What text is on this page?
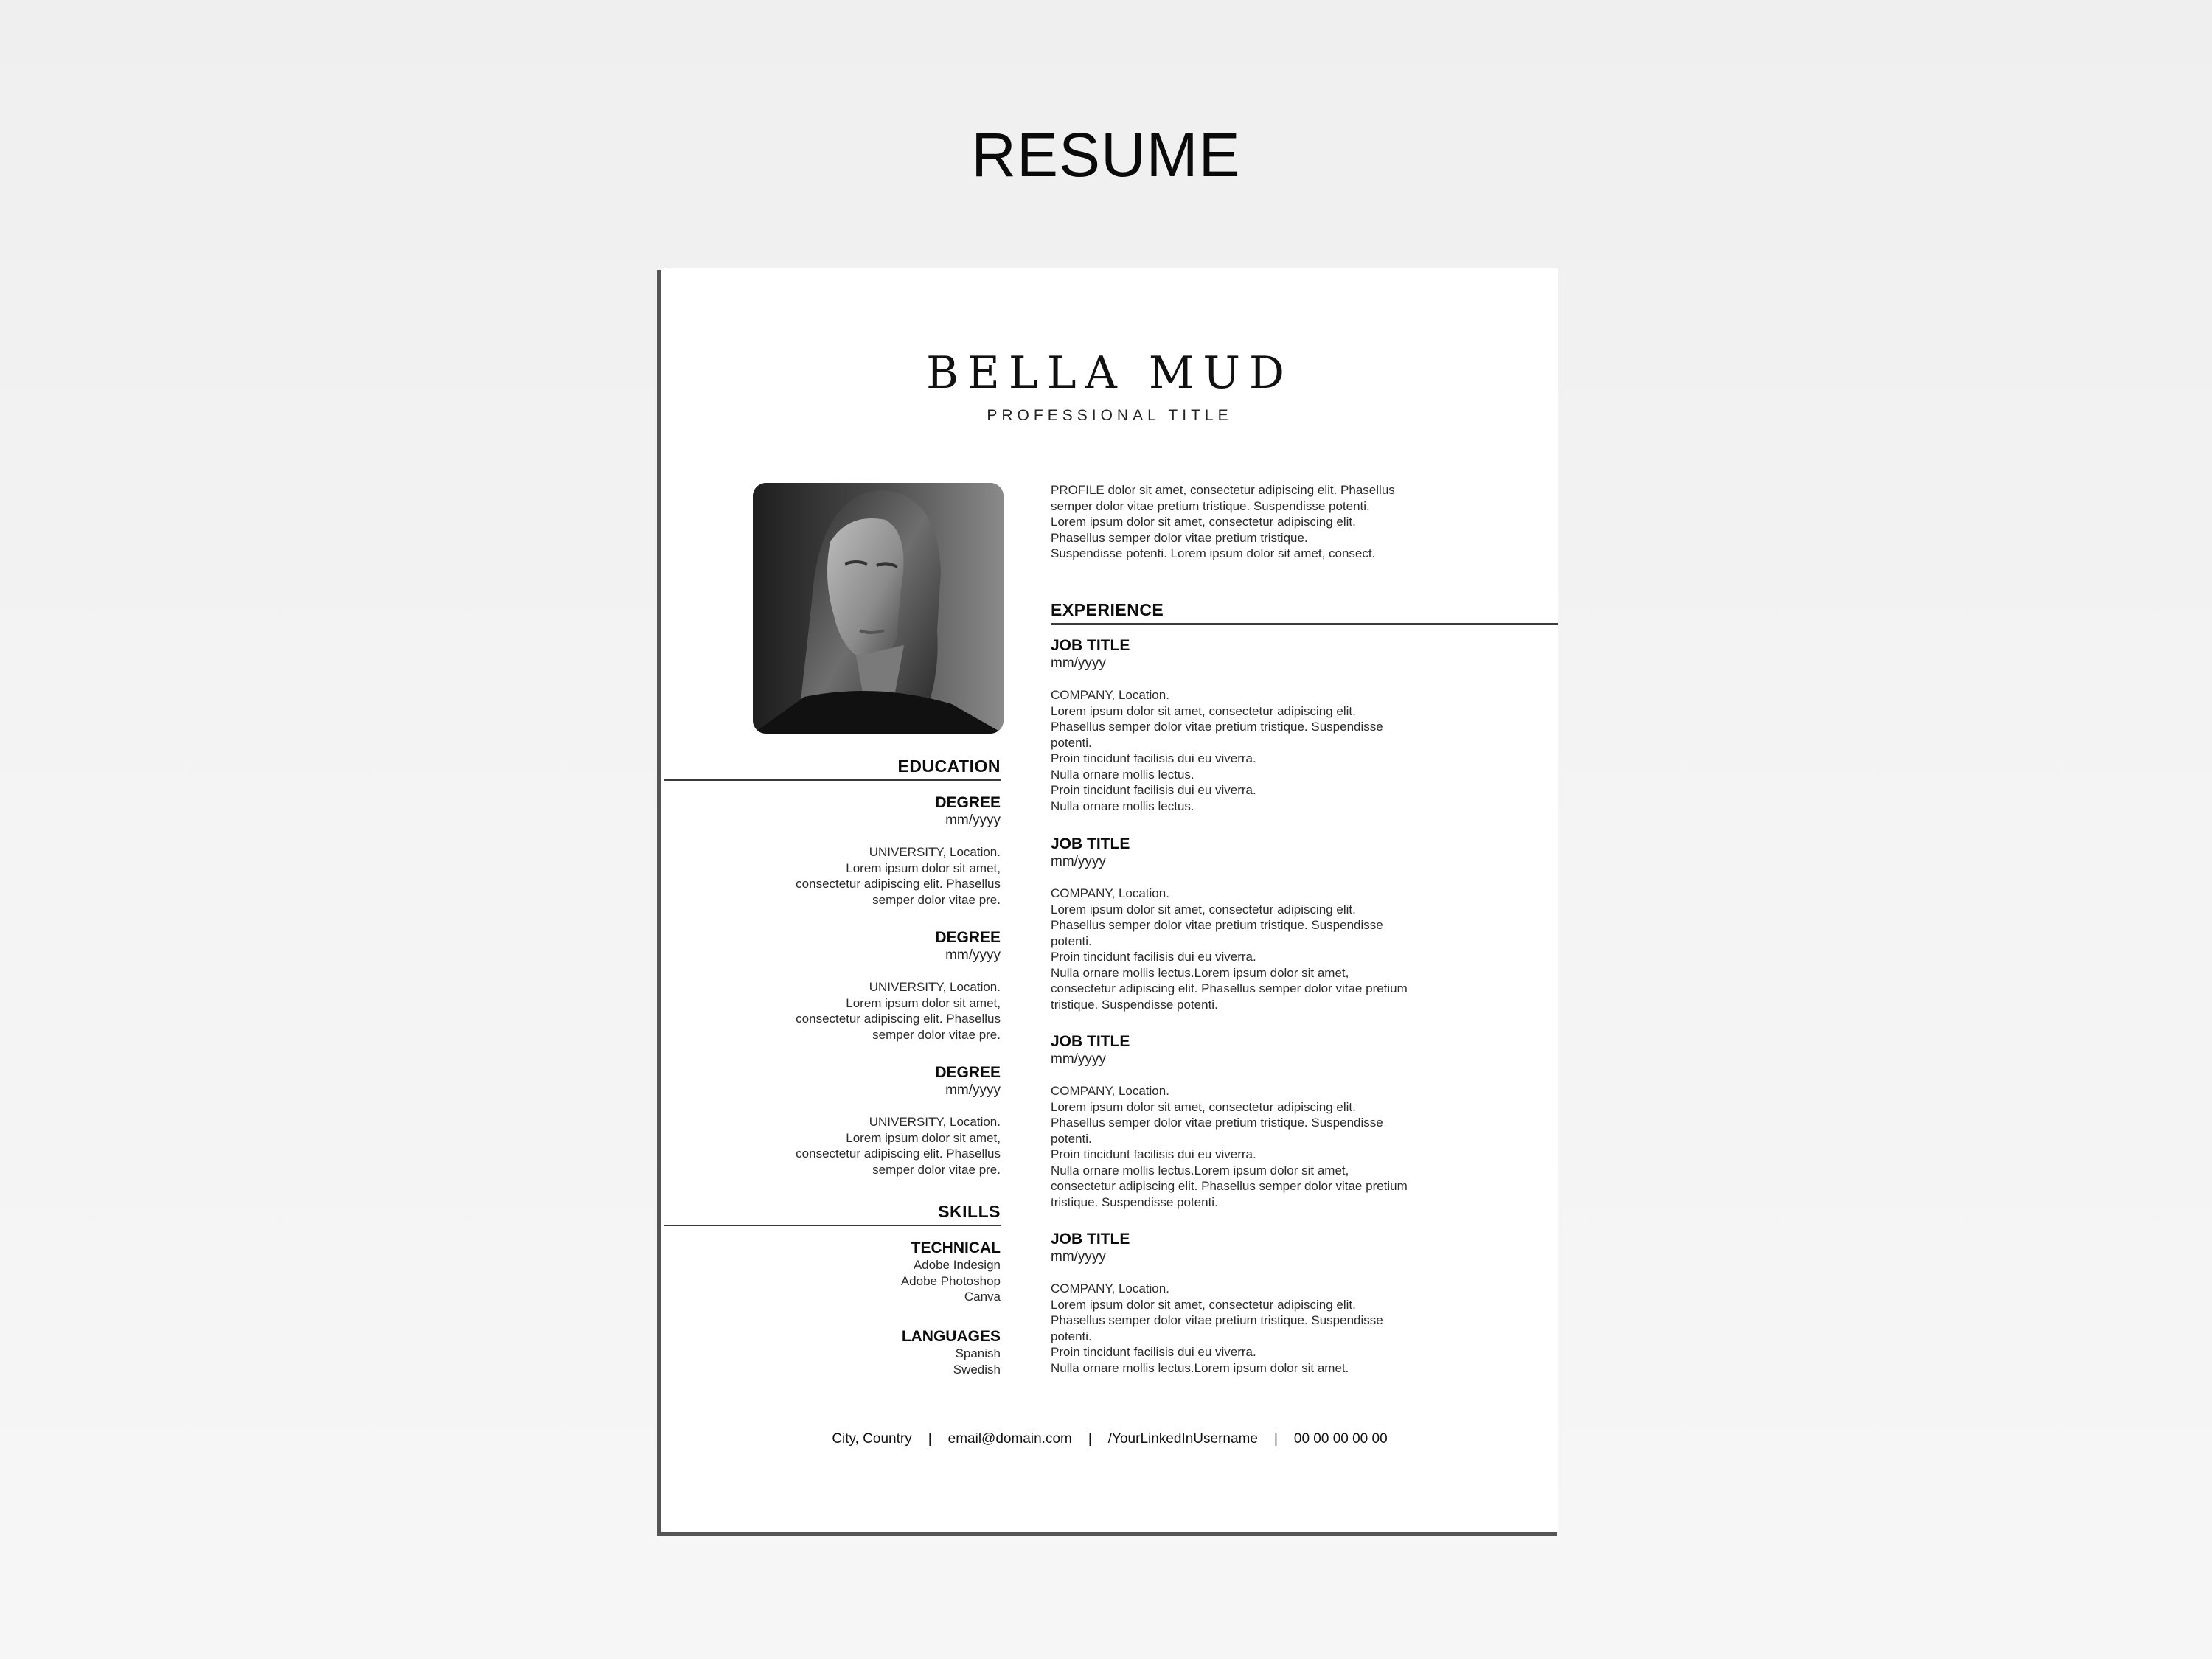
RESUME
BELLA MUD
PROFESSIONAL TITLE
EDUCATION
DEGREE
mm/yyyy
UNIVERSITY, Location.
Lorem ipsum dolor sit amet,
consectetur adipiscing elit. Phasellus
semper dolor vitae pre.
DEGREE
mm/yyyy
UNIVERSITY, Location.
Lorem ipsum dolor sit amet,
consectetur adipiscing elit. Phasellus
semper dolor vitae pre.
DEGREE
mm/yyyy
UNIVERSITY, Location.
Lorem ipsum dolor sit amet,
consectetur adipiscing elit. Phasellus
semper dolor vitae pre.
SKILLS
TECHNICAL
Adobe Indesign
Adobe Photoshop
Canva
LANGUAGES
Spanish
Swedish
PROFILE dolor sit amet, consectetur adipiscing elit. Phasellus
semper dolor vitae pretium tristique. Suspendisse potenti.
Lorem ipsum dolor sit amet, consectetur adipiscing elit.
Phasellus semper dolor vitae pretium tristique.
Suspendisse potenti. Lorem ipsum dolor sit amet, consect.
EXPERIENCE
JOB TITLE
mm/yyyy
COMPANY, Location.
Lorem ipsum dolor sit amet, consectetur adipiscing elit.
Phasellus semper dolor vitae pretium tristique. Suspendisse
potenti.
Proin tincidunt facilisis dui eu viverra.
Nulla ornare mollis lectus.
Proin tincidunt facilisis dui eu viverra.
Nulla ornare mollis lectus.
JOB TITLE
mm/yyyy
COMPANY, Location.
Lorem ipsum dolor sit amet, consectetur adipiscing elit.
Phasellus semper dolor vitae pretium tristique. Suspendisse
potenti.
Proin tincidunt facilisis dui eu viverra.
Nulla ornare mollis lectus.Lorem ipsum dolor sit amet,
consectetur adipiscing elit. Phasellus semper dolor vitae pretium
tristique. Suspendisse potenti.
JOB TITLE
mm/yyyy
COMPANY, Location.
Lorem ipsum dolor sit amet, consectetur adipiscing elit.
Phasellus semper dolor vitae pretium tristique. Suspendisse
potenti.
Proin tincidunt facilisis dui eu viverra.
Nulla ornare mollis lectus.Lorem ipsum dolor sit amet,
consectetur adipiscing elit. Phasellus semper dolor vitae pretium
tristique. Suspendisse potenti.
JOB TITLE
mm/yyyy
COMPANY, Location.
Lorem ipsum dolor sit amet, consectetur adipiscing elit.
Phasellus semper dolor vitae pretium tristique. Suspendisse
potenti.
Proin tincidunt facilisis dui eu viverra.
Nulla ornare mollis lectus.Lorem ipsum dolor sit amet.
City, Country | email@domain.com | /YourLinkedInUsername | 00 00 00 00 00
